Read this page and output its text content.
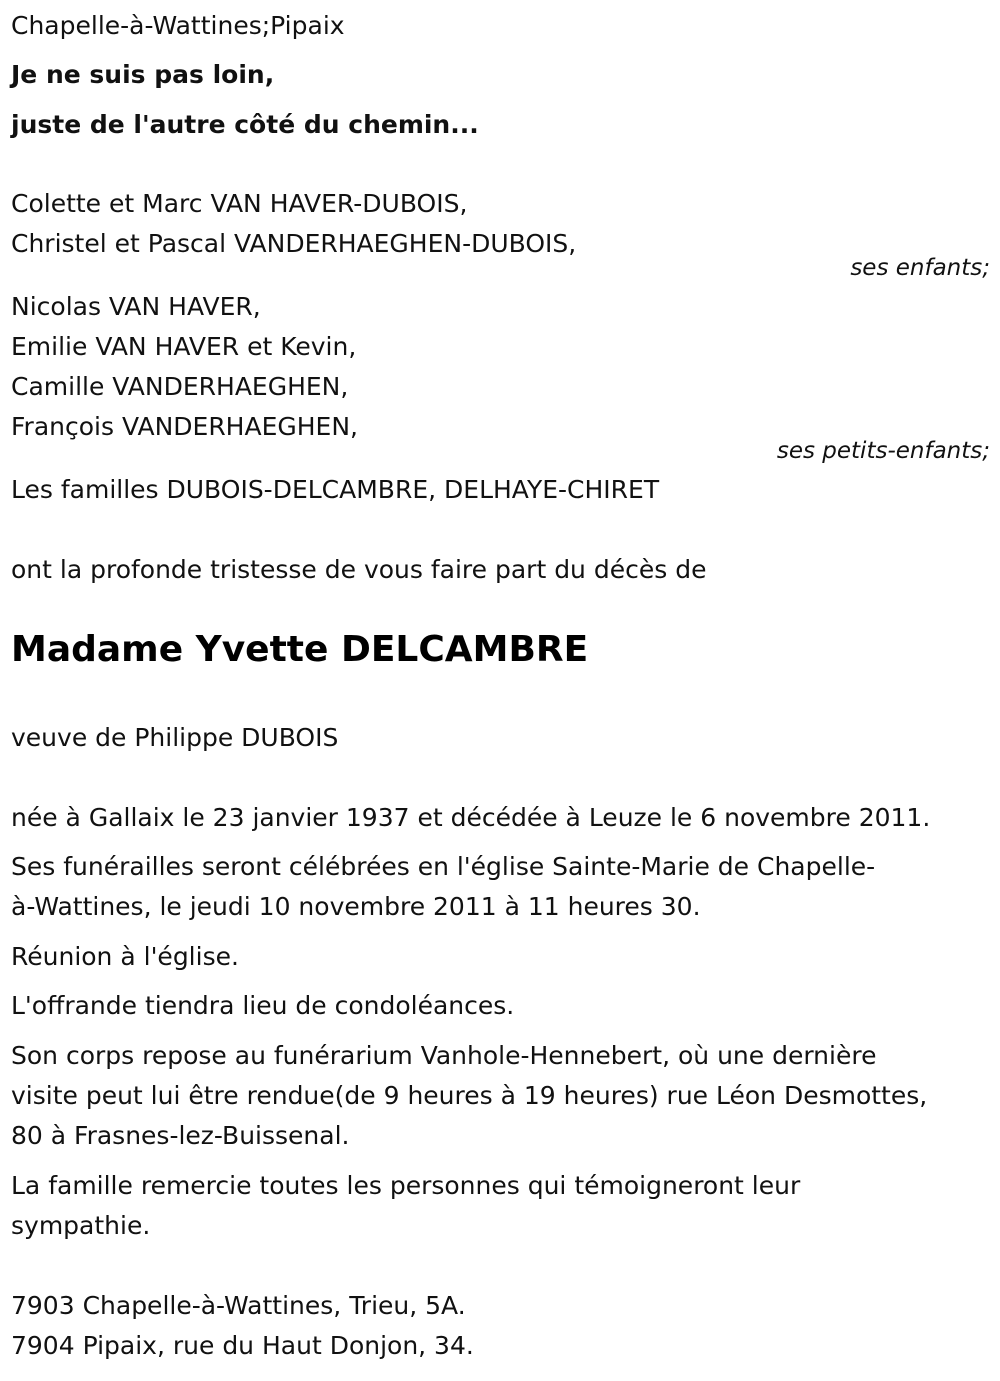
Chapelle-à-Wattines;Pipaix
Je ne suis pas loin,
juste de l'autre côté du chemin...
Colette et Marc VAN HAVER-DUBOIS,
Christel et Pascal VANDERHAEGHEN-DUBOIS,
ses enfants;
Nicolas VAN HAVER,
Emilie VAN HAVER et Kevin,
Camille VANDERHAEGHEN,
François VANDERHAEGHEN,
ses petits-enfants;
Les familles DUBOIS-DELCAMBRE, DELHAYE-CHIRET
ont la profonde tristesse de vous faire part du décès de
Madame Yvette DELCAMBRE
veuve de Philippe DUBOIS
née à Gallaix le 23 janvier 1937 et décédée à Leuze le 6 novembre 2011.
Ses funérailles seront célébrées en l'église Sainte-Marie de Chapelle-
à-Wattines, le jeudi 10 novembre 2011 à 11 heures 30.
Réunion à l'église.
L'offrande tiendra lieu de condoléances.
Son corps repose au funérarium Vanhole-Hennebert, où une dernière
visite peut lui être rendue(de 9 heures à 19 heures) rue Léon Desmottes,
80 à Frasnes-lez-Buissenal.
La famille remercie toutes les personnes qui témoigneront leur
sympathie.
7903 Chapelle-à-Wattines, Trieu, 5A.
7904 Pipaix, rue du Haut Donjon, 34.
